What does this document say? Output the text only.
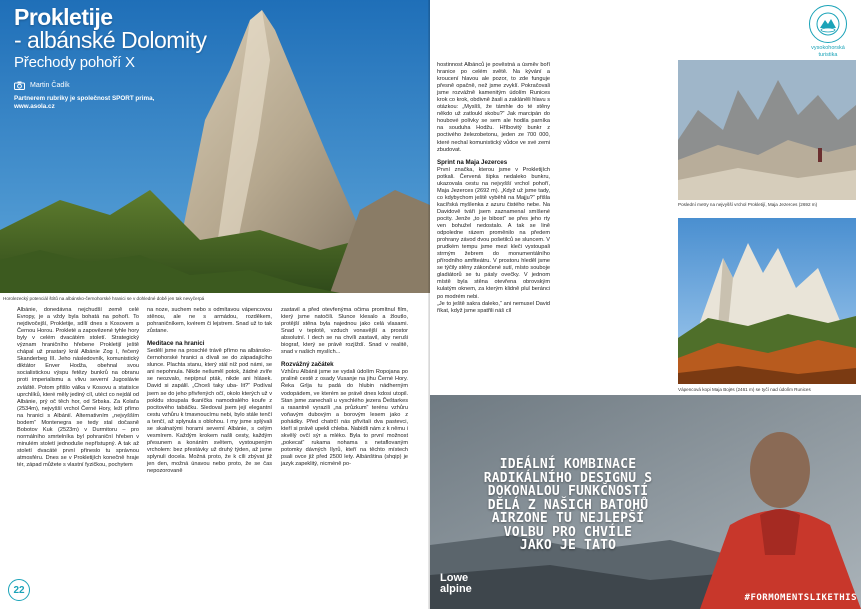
Prokletije
- albánské Dolomity
Přechody pohoří X
Martin Čadík
Partnerem rubriky je společnost SPORT prima,
www.asola.cz
Horolezecký potenciál štítů na albánsko-černohorské hranici se v dohledné době jen tak nevyčerpá

Albánie, donedávna nejchudší země celé Evropy, je a vždy byla bohatá na pohoří. To nejdivočejší, Prokletije, sdílí dnes s Kosovem a Černou Horou. Prokleté a zapovězené tyhle hory byly v celém dvacátém století. Strategický význam hraničního hřebene Prokletijí ještě chápal už prastarý král Albánie Zog I, řečený Skanderbeg III. Jeho následovník, komunistický diktátor Enver Hodža, obehnal svou socialistickou výspu fetězy bunkrů na obranu proti imperialismu a vlivu severní Jugoslávie zvláště. Potom přišlo válka v Kosovu a statisíce uprchlíků, které měly jediný cíl, utéct co nejdál od Albánie, prý oč těch hor, od Srbska. Za Kolaťa (2534m), nejvyšší vrchol Černé Hory, leží přímo na hranici s Albánií. Alternativním „nejvyšším bodem“ Montenegra se tedy stal dočasně Bobotov Kuk (2523m) v Durmitoru – pro normálního smrtelníka byl pohraniční hřeben v minulém století jednoduše nepřístupný. A tak až století dvacáté první přineslo tu správnou atmosféru. Dnes se v Prokletijích konečně hraje tér, západ můžete s vlastní fyzičkou, pochytem

na noze, suchem nebo s odmítavou vápencovou stěnou, ale ne s armádou, rozděkem, pohraničníkem, kvérem či lejstrem. Snad už to tak zůstane.

Meditace na hranici

Sedělí jsme na proschlé trávě přímo na albánsko-černohorské hranici a dívali se do západajícího slunce. Plachta stanu, který stál níž pod námi, se ani nepohnula. Nikde nešuměl potok, žádné zvíře se neozvalo, nepípnul pták, nikde ani hlásek. David si zapálil. „Chceš taky uba- lit?“ Podíval jsem se do jeho přivřených očí, okolo kterých už v pokldu stoupala tkaníčka namodralého kouře z pocitového tabáčku. Sledoval jsem její elegantní cestu vzhůru k tmavnoucímu nebi, bylo stále tenčí a tenčí, až splynula s oblohou. I my jsme splývali se skalnatými horami severní Albánie, s celým vesmírem. Každým krokem našli cesty, každým přesunem a konáním světem, vystoupeným vrcholem: bez přestávky už druhý týden, až jsme splynuli docela. Možná proto, že k cíli zbývat již jen den, možná únavou nebo proto, že se čas nepozorovaně

zastavil a před otevřenýma očima promítnul film, který jsme natočili. Slunce klesalo a žloutlo, protější stěna byla najednou jako celá vlasami. Snad v teplotě, vzduch vonavější a prostor absolutní. I dech se na chvíli zastavil, aby neruši biograf, který se právě rozjíždí. Snad v realitě, snad v našich myslích...

Rozvážný začátek

Vzhůru Albánii jsme se vydali údolím Ropojana po pralině cestě z osady Vusanje na jihu Černé Hory. Řeka Grlja tu padá do hlubin nádherným vodopádem, ve kterém se právě dnes kdosi utopil. Stan jsme zanechali u vyschlého jezera Ďeštarkes a rasantně vyrazili „na průzkum“ terénu vzhůru voňavým dubovým a borovým lesem jako z pohádky. Před chatrčí nás přivítali dva pastevci, kteří si právě upekli chleba. Nabídli nám z k němu i skvělý ovčí sýr a mléko. Byla to první možnost „pokecat“ rukama nohama s netaflovaným potomky dávných Ilyrů, kteří na těchto místech psali ovce již před 2500 lety. Albánština (shqip) je jazyk zapeklitý, nicméně po-

22

hostinnost Albánců je pověstná a úsměv boří hranice po celém světě. Na kývání a kroucení hlavou ale pozor, to zde funguje přesně opačně, než jsme zvyklí. Pokračovali jsme rozvážně kamenitým údolím Runices krok co krok, obdivně žasli a zakláněli hlavu s otázkou: „Myslíš, že támhle do té stěny někdo už zatloukl skobu?“ Jak marcipán do houbové polívky se sem ale hodila parníka na souduha Hodžu. Hříbovitý bunkr z poctivého železobetonu, jeden ze 700 000, které nechal komunistický vůdce ve své zemi zbudovat.

Sprint na Maja Jezerces

První značka, kterou jsme v Prokletijích potkali. Červená šipka nedaleko bunkru, ukazovala cestu na nejvyšší vrchol pohoří, Maja Jezerces (2692 m). „Když už jsme tady, co kdybychom ještě vyběhli na Majju?“ přišla kacířská myšlenka z azuru čistého nebe. Na Davidově tváři jsem zaznamenal smíšené pocity. Jenže „to je bibost“ se přes jeho rty ven bohužel nedostalo. A tak se lině odpoledne rázem proměnilo na předem prohrany závod dvou pošetilců se sluncem. V prudkém tempu jsme mezi kleči vystoupali strmým žebrem do monumentálního přírodního amfiteátru. V prostoru hleděl jsme se týčily stěny zákončené sutí, místo souboje gladiátorů se tu pásly ovečky. V jednom místě byla stěna otevřena obrovským kulatým oknem, za kterým klidně plul beránci po modrém nebi.

„Je to ještě sakra daleko,“ ani nemusel David říkat, když jsme spatřili náš cíl

vysokohorská
turistika
Poslední metry na nejvyšší vrchol Prokletijí, Maja Jezerces (2692 m)
Vápencová kopi Maja Bojës (2461 m) se tyčí nad údolím Runices
IDEÁLNÍ KOMBINACE
RADIKÁLNÍHO DESIGNU S
DOKONALOU FUNKČNOSTÍ
DĚLÁ Z NAŠICH BATOHŮ
AIRZONE TU NEJLEPŠÍ
VOLBU PRO CHVÍLE
JAKO JE TATO
Lowe
alpine
#FORMOMENTSLIKETHIS
